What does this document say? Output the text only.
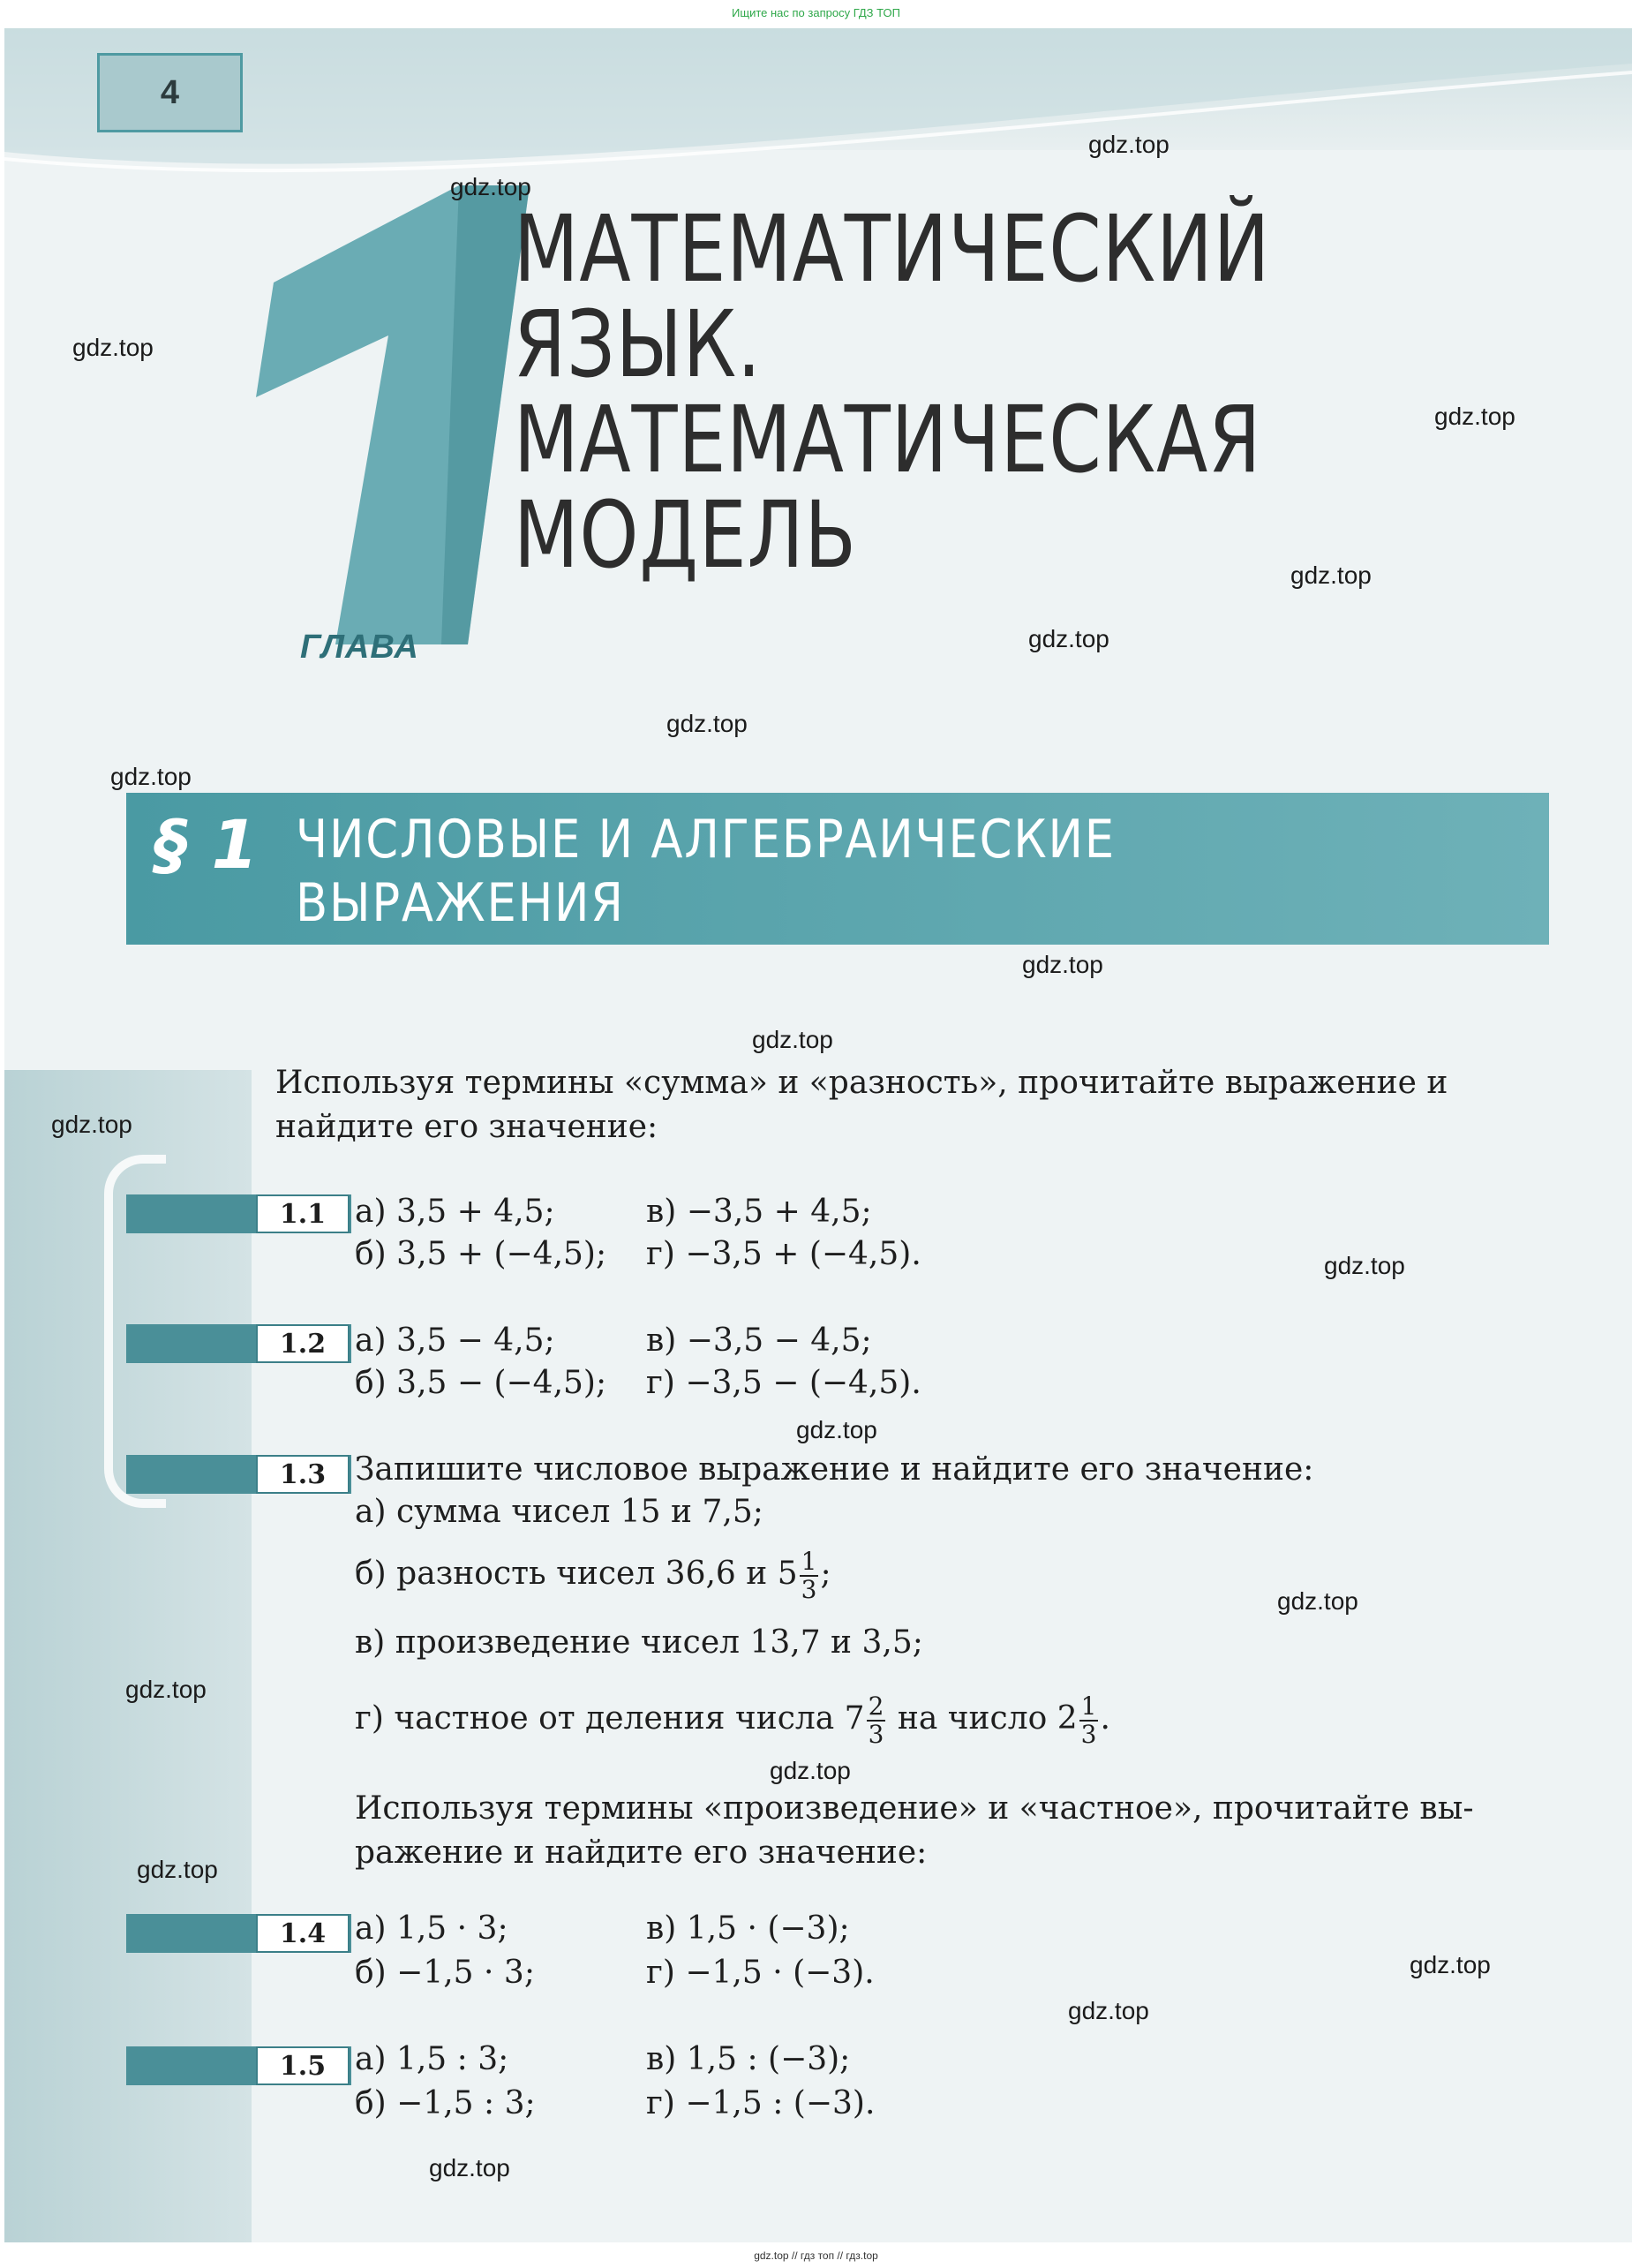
Ищите нас по запросу ГДЗ ТОП
4
ГЛАВА
МАТЕМАТИЧЕСКИЙ
ЯЗЫК.
МАТЕМАТИЧЕСКАЯ
МОДЕЛЬ
§ 1 ЧИСЛОВЫЕ И АЛГЕБРАИЧЕСКИЕ
ВЫРАЖЕНИЯ
Используя термины «сумма» и «разность», прочитайте выражение и
найдите его значение:
1.1 а) 3,5 + 4,5;	в) −3,5 + 4,5;
б) 3,5 + (−4,5); г) −3,5 + (−4,5).
1.2 а) 3,5 − 4,5;	в) −3,5 − 4,5;
б) 3,5 − (−4,5); г) −3,5 − (−4,5).
1.3 Запишите числовое выражение и найдите его значение:
а) сумма чисел 15 и 7,5;
б) разность чисел 36,6 и $5 \frac{1}{3}$ ;
в) произведение чисел 13,7 и 3,5;
г) частное от деления числа $7 \frac{2}{3}$ на число $2 \frac{1}{3}$ .
Используя термины «произведение» и «частное», прочитайте вы-
ражение и найдите его значение:
1.4 а) 1,5 · 3;	в) 1,5 · (−3);
б) −1,5 · 3;	г) −1,5 · (−3).
1.5 а) 1,5 : 3;	в) 1,5 : (−3);
б) −1,5 : 3;	г) −1,5 : (−3).
gdz.top
gdz.top
gdz.top
gdz.top
gdz.top
gdz.top
gdz.top
gdz.top
gdz.top
gdz.top
gdz.top
gdz.top
gdz.top
gdz.top
gdz.top
gdz.top
gdz.top
gdz.top
gdz.top
gdz.top
gdz.top // гдз топ // гдз.top
